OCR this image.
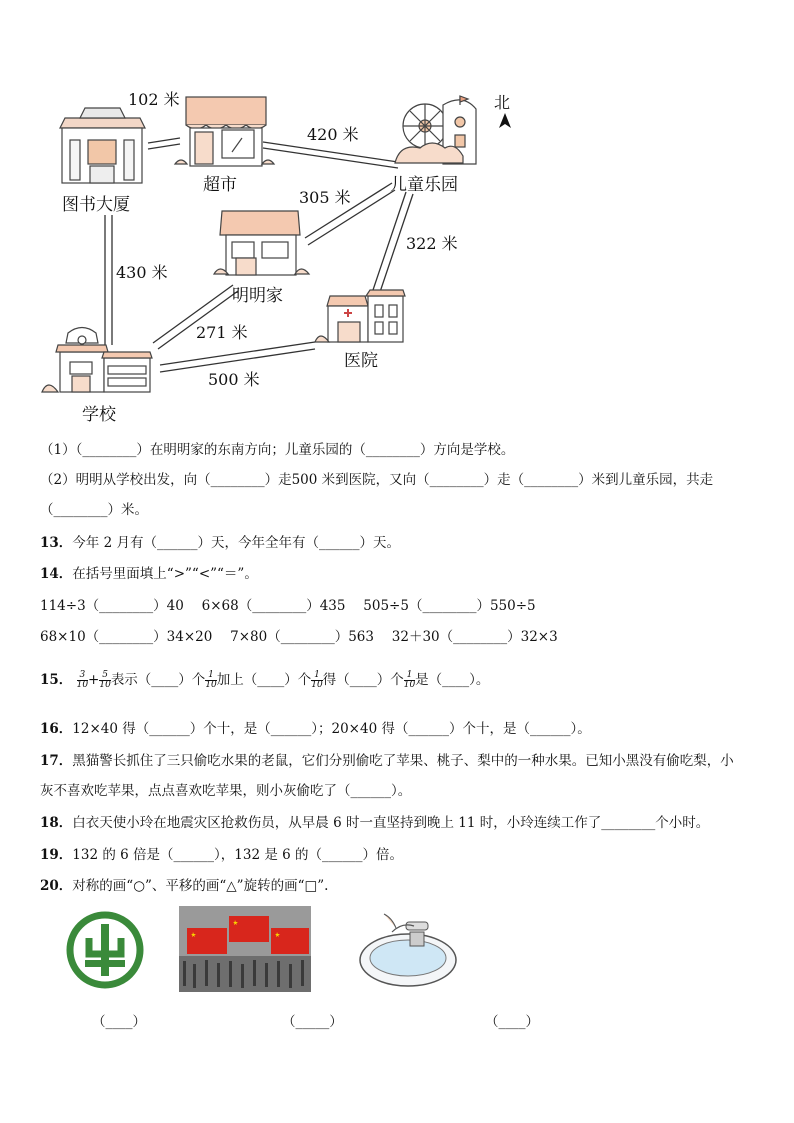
北
图书大厦
超市	儿童乐园
明明家
医院
学校
102 米
420 米
305 米
322 米
430 米
271 米
500 米
（1）（________）在明明家的东南方向；儿童乐园的（________）方向是学校。
（2）明明从学校出发，向（________）走500 米到医院，又向（________）走（________）米到儿童乐园，共走
（________）米。
13．今年 2 月有（______）天，今年全年有（______）天。
14．在括号里面填上“>”“<”“＝”。
114÷3（________）40　 6×68（________）435　 505÷5（________）550÷5
68×10（________）34×20　 7×80（________）563　 32＋30（________）32×3
15． $\frac{3}{10} + \frac{5}{10}$ 表示（____）个 $\frac{1}{10}$ 加上（____）个 $\frac{1}{10}$ 得（____）个 $\frac{1}{10}$ 是（____）。
16．12×40 得（______）个十，是（______）；20×40 得（______）个十，是（______）。
17．黑猫警长抓住了三只偷吃水果的老鼠，它们分别偷吃了苹果、桃子、梨中的一种水果。已知小黑没有偷吃梨，小
灰不喜欢吃苹果，点点喜欢吃苹果，则小灰偷吃了（______）。
18．白衣天使小玲在地震灾区抢救伤员，从早晨 6 时一直坚持到晚上 11 时，小玲连续工作了________个小时。
19．132 的 6 倍是（______），132 是 6 的（______）倍。
20．对称的画“○”、平移的画“△”旋转的画“□”.
（____）	（_____）	（____）
